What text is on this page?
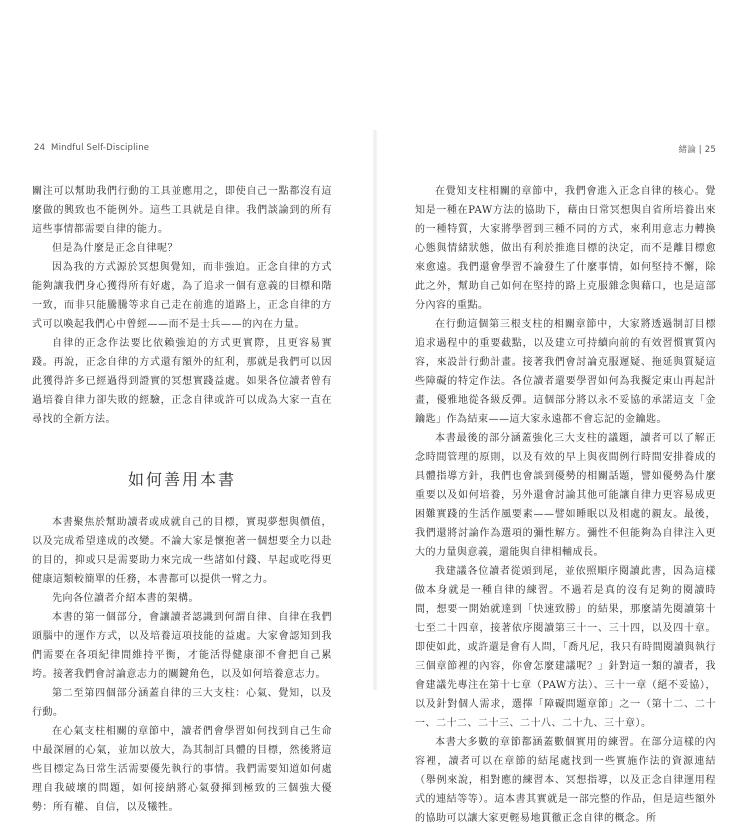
24 Mindful Self-Discipline

關注可以幫助我們行動的工具並應用之，即使自己一點都沒有這麼做的興致也不能例外。這些工具就是自律。我們談論到的所有這些事情都需要自律的能力。

但是為什麼是正念自律呢？

因為我的方式源於冥想與覺知，而非強迫。正念自律的方式能夠讓我們身心獲得所有好處，為了追求一個有意義的目標和階一致，而非只能騰騰等求自己走在前進的道路上，正念自律的方式可以喚起我們心中曾經——而不是士兵——的內在力量。

自律的正念作法要比依賴強迫的方式更實際，且更容易實踐。再說，正念自律的方式還有額外的紅利，那就是我們可以因此獲得許多已經過得到證實的冥想實踐益處。如果各位讀者曾有過培養自律力卻失敗的經驗，正念自律或許可以成為大家一直在尋找的全新方法。

如何善用本書

本書聚焦於幫助讀者或成就自己的目標，實現夢想與價值，以及完成希望達成的改變。不論大家是懷抱著一個想要全力以赴的目的，抑或只是需要助力來完成一些諸如付錢、早起或吃得更健康這類較簡單的任務，本書都可以提供一臂之力。

先向各位讀者介紹本書的架構。

本書的第一個部分，會讓讀者認識到何謂自律、自律在我們頭腦中的運作方式，以及培養這項技能的益處。大家會認知到我們需要在各項紀律間維持平衡，才能活得健康卻不會把自己累垮。接著我們會討論意志力的關鍵角色，以及如何培養意志力。

第二至第四個部分涵蓋自律的三大支柱：心氣、覺知，以及行動。

在心氣支柱相關的章節中，讀者們會學習如何找到自己生命中最深層的心氣，並加以放大，為其制訂具體的目標，然後將這些目標定為日常生活需要優先執行的事情。我們需要知道如何處理自我破壞的問題，如何接納將心氣發揮到極致的三個強大優勢：所有權、自信，以及犧牲。

緒論 | 25

在覺知支柱相關的章節中，我們會進入正念自律的核心。覺知是一種在PAW方法的協助下，藉由日常冥想與自省所培養出來的一種特質，大家將學習到三種不同的方式，來利用意志力轉換心態與情緒狀態，做出有利於推進目標的決定，而不是離目標愈來愈遠。我們還會學習不論發生了什麼事情，如何堅持不懈，除此之外，幫助自己如何在堅持的路上克服雜念與藉口，也是這部分內容的重點。

在行動這個第三根支柱的相關章節中，大家將透過制訂目標追求過程中的重要截點，以及建立可持續向前的有效習慣實質內容，來設計行動計畫。接著我們會討論克服遲疑、拖延與質疑這些障礙的特定作法。各位讀者還要學習如何為我擬定東山再起計畫，優雅地從各級反彈。這個部分將以永不妥協的承諾這支「金鑰匙」作為結束——這大家永遠都不會忘記的金鑰匙。

本書最後的部分涵蓋強化三大支柱的議題，讀者可以了解正念時間管理的原則，以及有效的早上與夜間例行時間安排養成的具體指導方針，我們也會談到優勢的相關話題，譬如優勢為什麼重要以及如何培養，另外還會討論其他可能讓自律力更容易成更困難實踐的生活作風要素——譬如睡眠以及相處的親友。最後，我們還將討論作為選項的彌性解方。彌性不但能夠為自律注入更大的力量與意義，還能與自律相輔成長。

我建議各位讀者從頭到尾，並依照順序閱讀此書，因為這樣做本身就是一種自律的練習。不過若是真的沒有足夠的閱讀時間，想要一開始就達到「快速致勝」的結果，那麼請先閱讀第十七至二十四章，接著依序閱讀第三十一、三十四，以及四十章。即使如此，或許還是會有人問，「喬凡尼，我只有時間閱讀與執行三個章節裡的內容，你會怎麼建議呢？」針對這一類的讀者，我會建議先專注在第十七章（PAW方法）、三十一章（絕不妥協），以及針對個人需求，選擇「障礙問題章節」之一（第十二、二十一、二十二、二十三、二十八、二十九、三十章）。

本書大多數的章節都涵蓋數個實用的練習。在部分這樣的內容裡，讀者可以在章節的結尾處找到一些實施作法的資源連結（舉例來說，相對應的練習本、冥想指導，以及正念自律運用程式的連結等等）。這本書其實就是一部完整的作品，但是這些額外的協助可以讓大家更輕易地貫徹正念自律的概念。所
